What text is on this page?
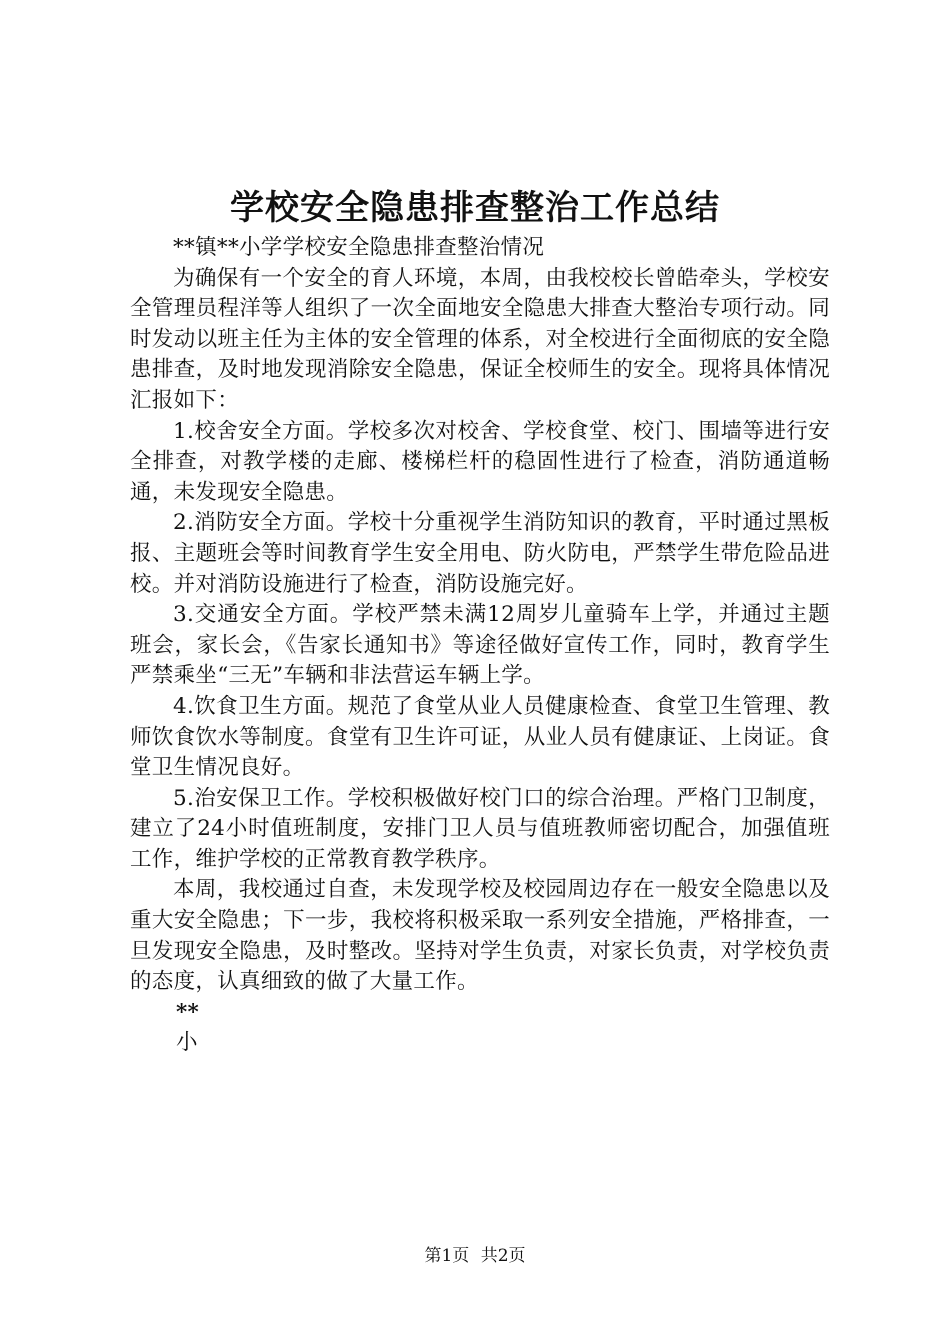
学校安全隐患排查整治工作总结

**镇**小学学校安全隐患排查整治情况

为确保有一个安全的育人环境，本周，由我校校长曾皓牵头，学校安全管理员程洋等人组织了一次全面地安全隐患大排查大整治专项行动。同时发动以班主任为主体的安全管理的体系，对全校进行全面彻底的安全隐患排查，及时地发现消除安全隐患，保证全校师生的安全。现将具体情况汇报如下：

1.校舍安全方面。学校多次对校舍、学校食堂、校门、围墙等进行安全排查，对教学楼的走廊、楼梯栏杆的稳固性进行了检查，消防通道畅通，未发现安全隐患。

2.消防安全方面。学校十分重视学生消防知识的教育，平时通过黑板报、主题班会等时间教育学生安全用电、防火防电，严禁学生带危险品进校。并对消防设施进行了检查，消防设施完好。

3.交通安全方面。学校严禁未满12周岁儿童骑车上学，并通过主题班会，家长会，《告家长通知书》等途径做好宣传工作，同时，教育学生严禁乘坐“三无”车辆和非法营运车辆上学。

4.饮食卫生方面。规范了食堂从业人员健康检查、食堂卫生管理、教师饮食饮水等制度。食堂有卫生许可证，从业人员有健康证、上岗证。食堂卫生情况良好。

5.治安保卫工作。学校积极做好校门口的综合治理。严格门卫制度，建立了24小时值班制度，安排门卫人员与值班教师密切配合，加强值班工作，维护学校的正常教育教学秩序。

本周，我校通过自查，未发现学校及校园周边存在一般安全隐患以及重大安全隐患；下一步，我校将积极采取一系列安全措施，严格排查，一旦发现安全隐患，及时整改。坚持对学生负责，对家长负责，对学校负责的态度，认真细致的做了大量工作。

**
小
第1页 共2页
